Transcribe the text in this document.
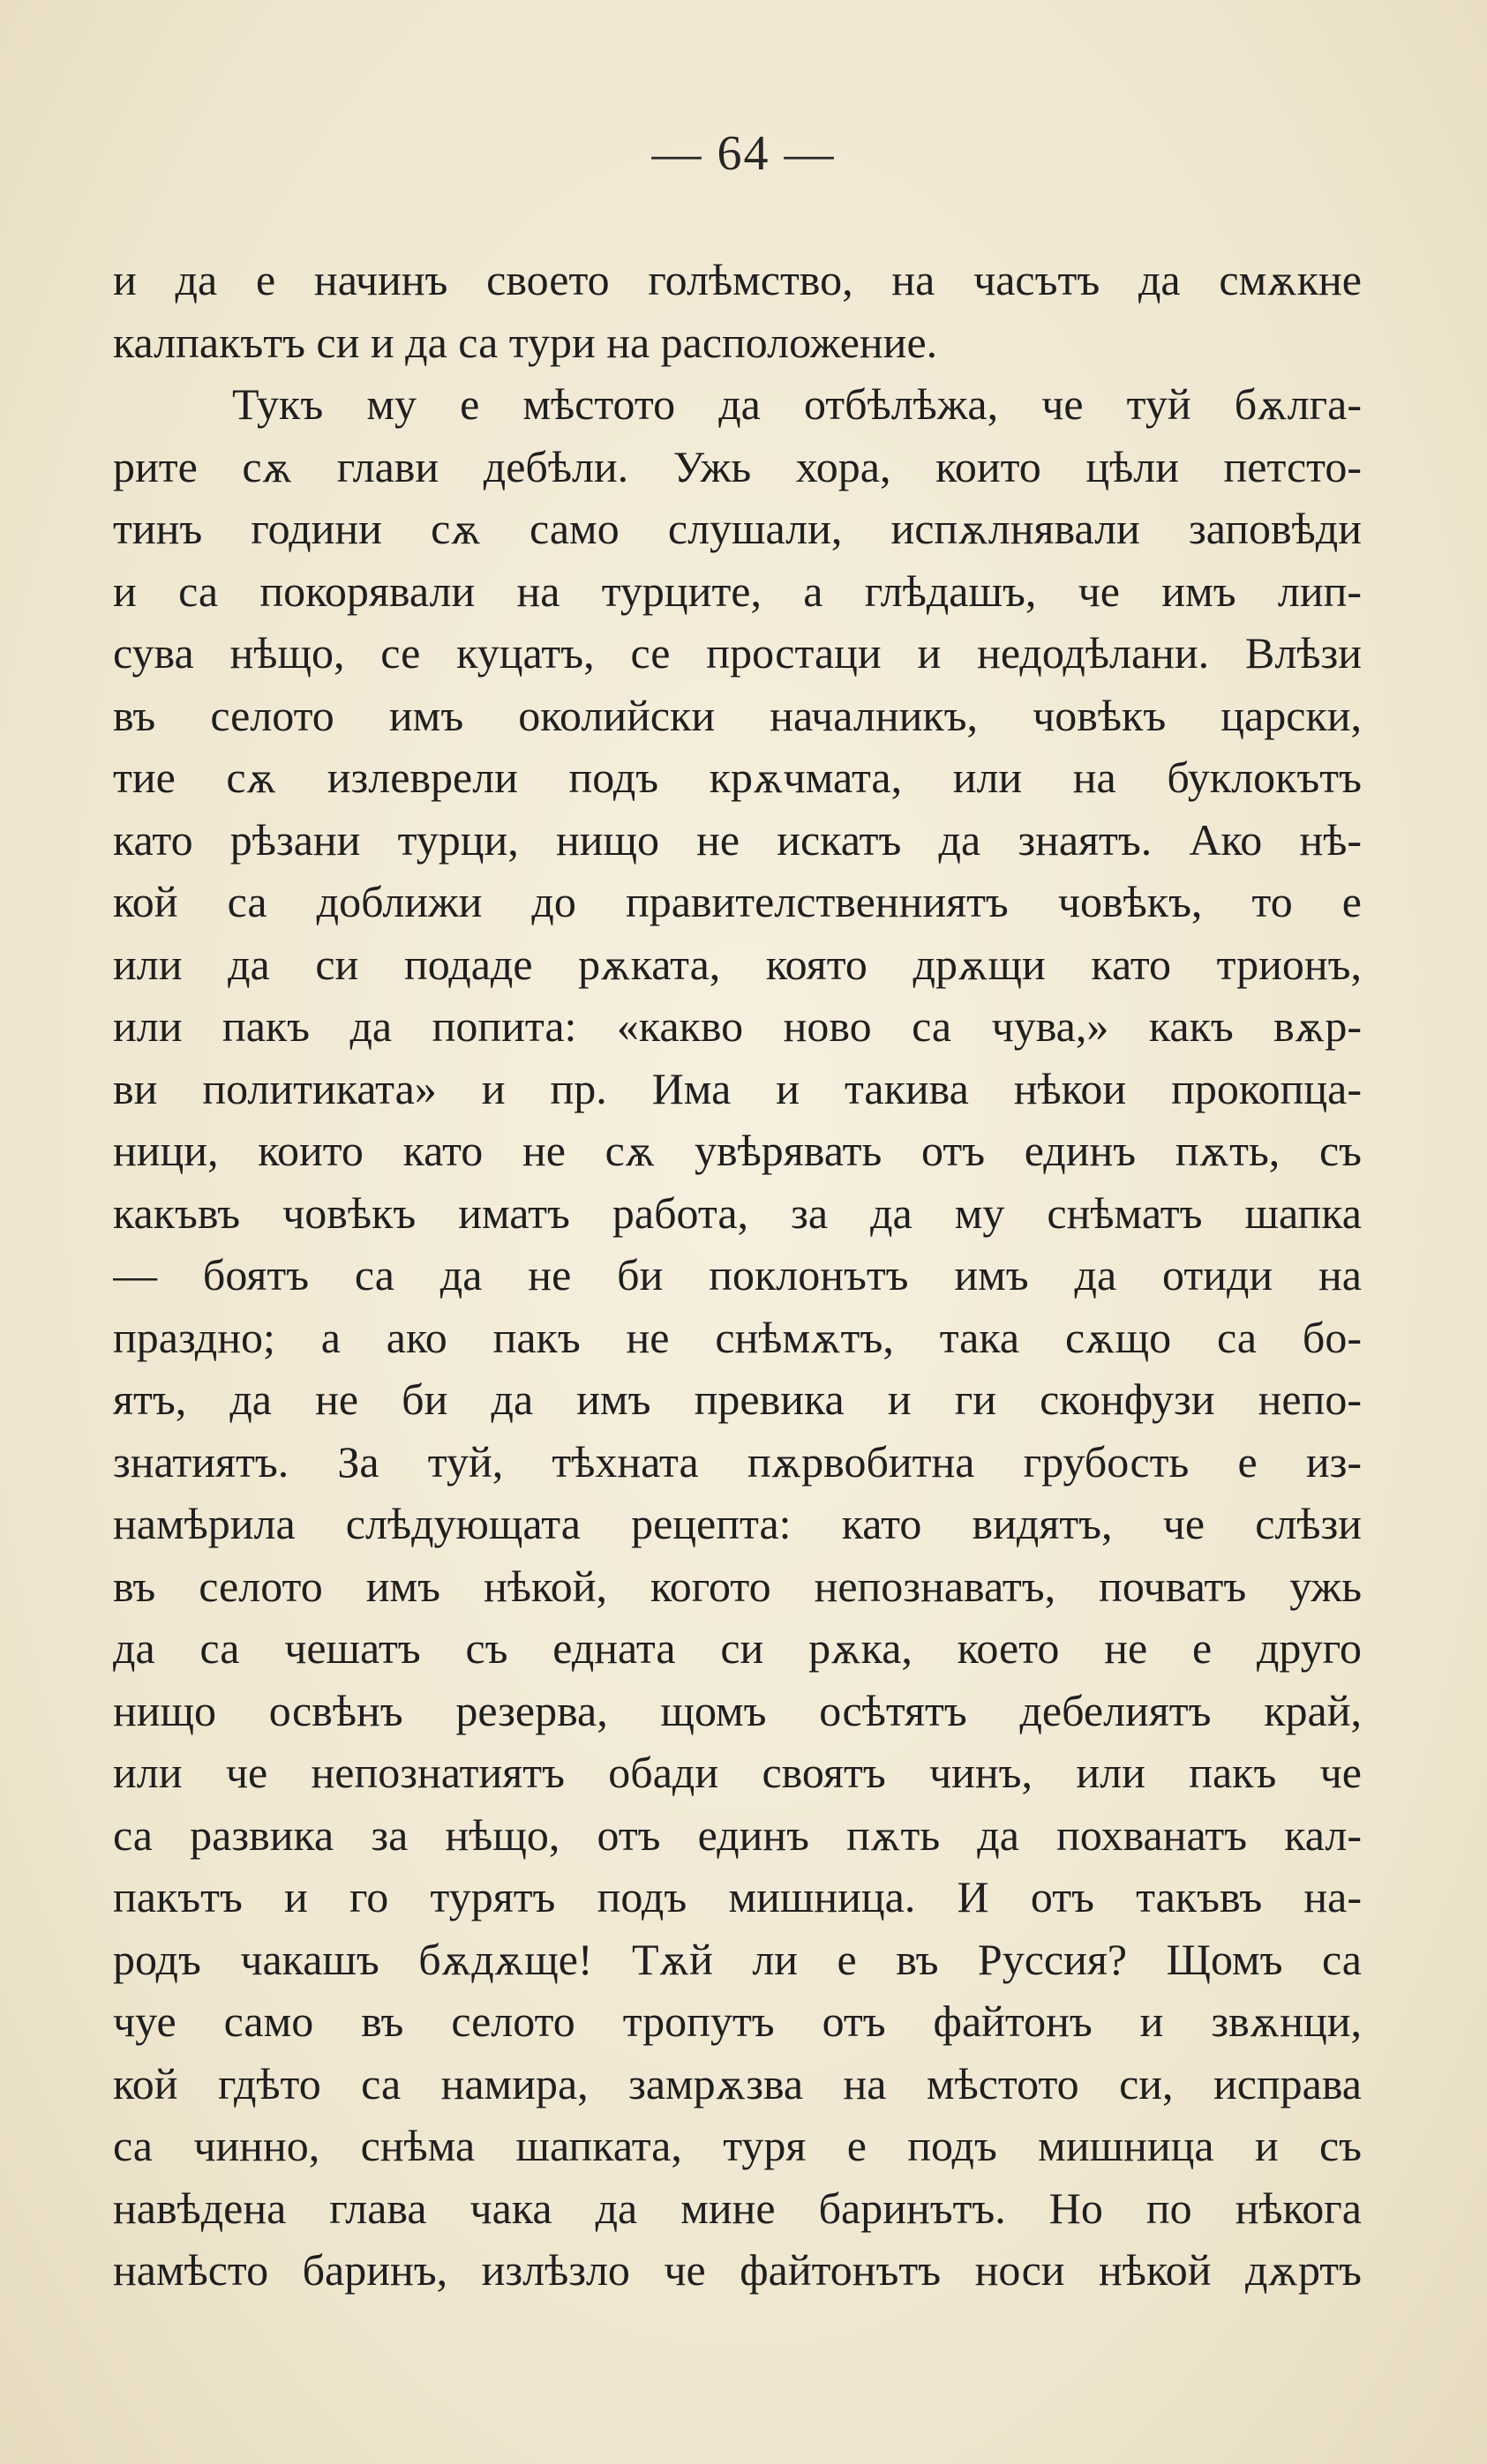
— 64 —
и да е начинъ своето голѣмство, на часътъ да смѫкне
калпакътъ си и да са тури на расположение.
Тукъ му е мѣстото да отбѣлѣжа, че туй бѫлга-
рите сѫ глави дебѣли. Ужь хора, които цѣли петсто-
тинъ години сѫ само слушали, испѫлнявали заповѣди
и са покорявали на турците, а глѣдашъ, че имъ лип-
сува нѣщо, се куцатъ, се простаци и недодѣлани. Влѣзи
въ селото имъ околийски началникъ, човѣкъ царски,
тие сѫ излеврели подъ крѫчмата, или на буклокътъ
като рѣзани турци, нищо не искатъ да знаятъ. Ако нѣ-
кой са доближи до правителственниятъ човѣкъ, то е
или да си подаде рѫката, която дрѫщи като трионъ,
или пакъ да попита: «какво ново са чува,» какъ вѫр-
ви политиката» и пр. Има и такива нѣкои прокопца-
ници, които като не сѫ увѣрявать отъ единъ пѫть, съ
какъвъ човѣкъ иматъ работа, за да му снѣматъ шапка
— боятъ са да не би поклонътъ имъ да отиди на
праздно; а ако пакъ не снѣмѫтъ, така сѫщо са бо-
ятъ, да не би да имъ превика и ги сконфузи непо-
знатиятъ. За туй, тѣхната пѫрвобитна грубость е из-
намѣрила слѣдующата рецепта: като видятъ, че слѣзи
въ селото имъ нѣкой, когото непознаватъ, почватъ ужь
да са чешатъ съ едната си рѫка, което не е друго
нищо освѣнъ резерва, щомъ осѣтятъ дебелиятъ край,
или че непознатиятъ обади своятъ чинъ, или пакъ че
са развика за нѣщо, отъ единъ пѫть да похванатъ кал-
пакътъ и го турятъ подъ мишница. И отъ такъвъ на-
родъ чакашъ бѫдѫще! Тѫй ли е въ Руссия? Щомъ са
чуе само въ селото тропутъ отъ файтонъ и звѫнци,
кой гдѣто са намира, замрѫзва на мѣстото си, исправа
са чинно, снѣма шапката, туря е подъ мишница и съ
навѣдена глава чака да мине баринътъ. Но по нѣкога
намѣсто баринъ, излѣзло че файтонътъ носи нѣкой дѫртъ
